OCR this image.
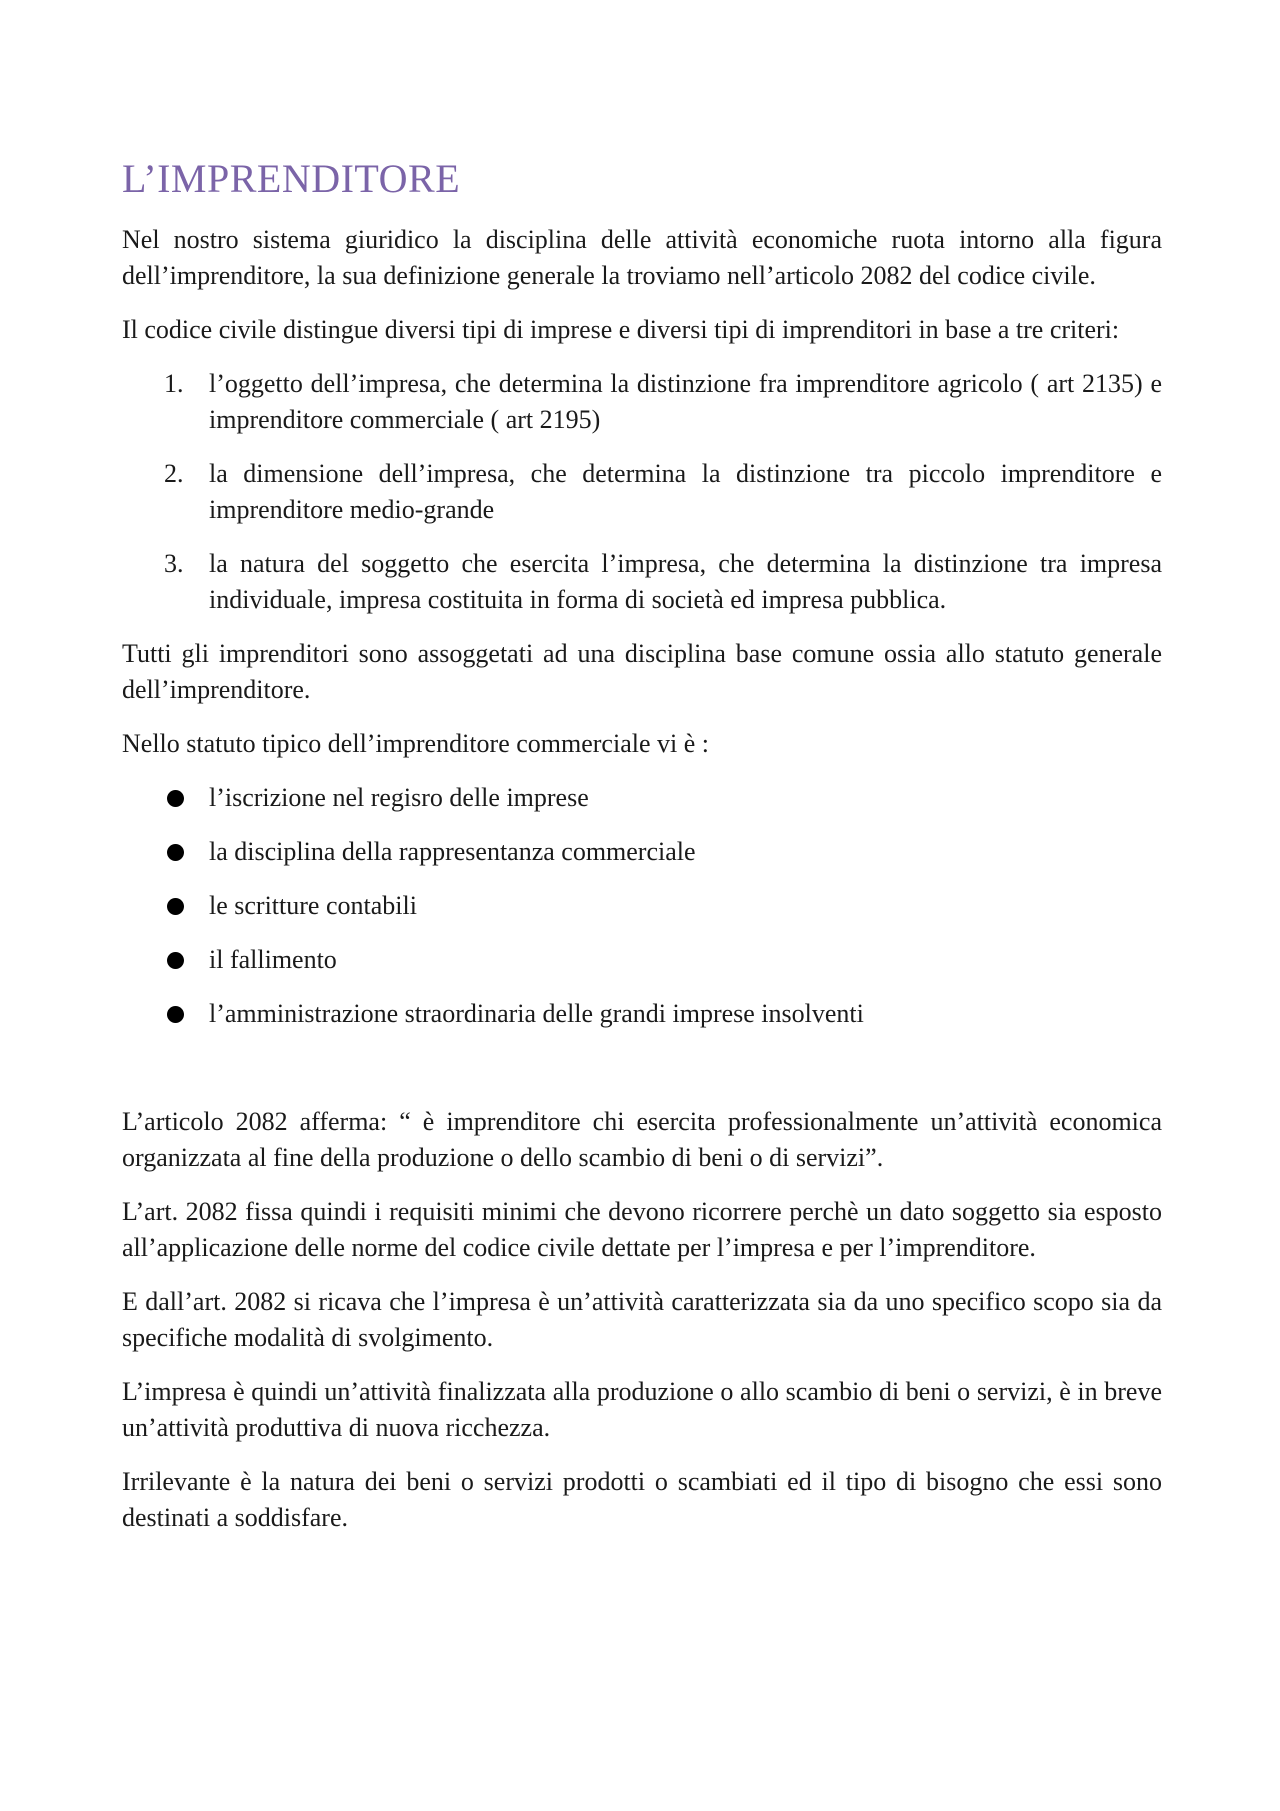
L’IMPRENDITORE

Nel nostro sistema giuridico la disciplina delle attività economiche ruota intorno alla figura dell’imprenditore, la sua definizione generale la troviamo nell’articolo 2082 del codice civile.

Il codice civile distingue diversi tipi di imprese e diversi tipi di imprenditori in base a tre criteri:

1. l’oggetto dell’impresa, che determina la distinzione fra imprenditore agricolo ( art 2135) e imprenditore commerciale ( art 2195)
2. la dimensione dell’impresa, che determina la distinzione tra piccolo imprenditore e imprenditore medio-grande
3. la natura del soggetto che esercita l’impresa, che determina la distinzione tra impresa individuale, impresa costituita in forma di società ed impresa pubblica.

Tutti gli imprenditori sono assoggetati ad una disciplina base comune ossia allo statuto generale dell’imprenditore.

Nello statuto tipico dell’imprenditore commerciale vi è :

l’iscrizione nel regisro delle imprese
la disciplina della rappresentanza commerciale
le scritture contabili
il fallimento
l’amministrazione straordinaria delle grandi imprese insolventi

L’articolo 2082 afferma: “ è imprenditore chi esercita professionalmente un’attività economica organizzata al fine della produzione o dello scambio di beni o di servizi”.

L’art. 2082 fissa quindi i requisiti minimi che devono ricorrere perchè un dato soggetto sia esposto all’applicazione delle norme del codice civile dettate per l’impresa e per l’imprenditore.

E dall’art. 2082 si ricava che l’impresa è un’attività caratterizzata sia da uno specifico scopo sia da specifiche modalità di svolgimento.

L’impresa è quindi un’attività finalizzata alla produzione o allo scambio di beni o servizi, è in breve un’attività produttiva di nuova ricchezza.

Irrilevante è la natura dei beni o servizi prodotti o scambiati ed il tipo di bisogno che essi sono destinati a soddisfare.
